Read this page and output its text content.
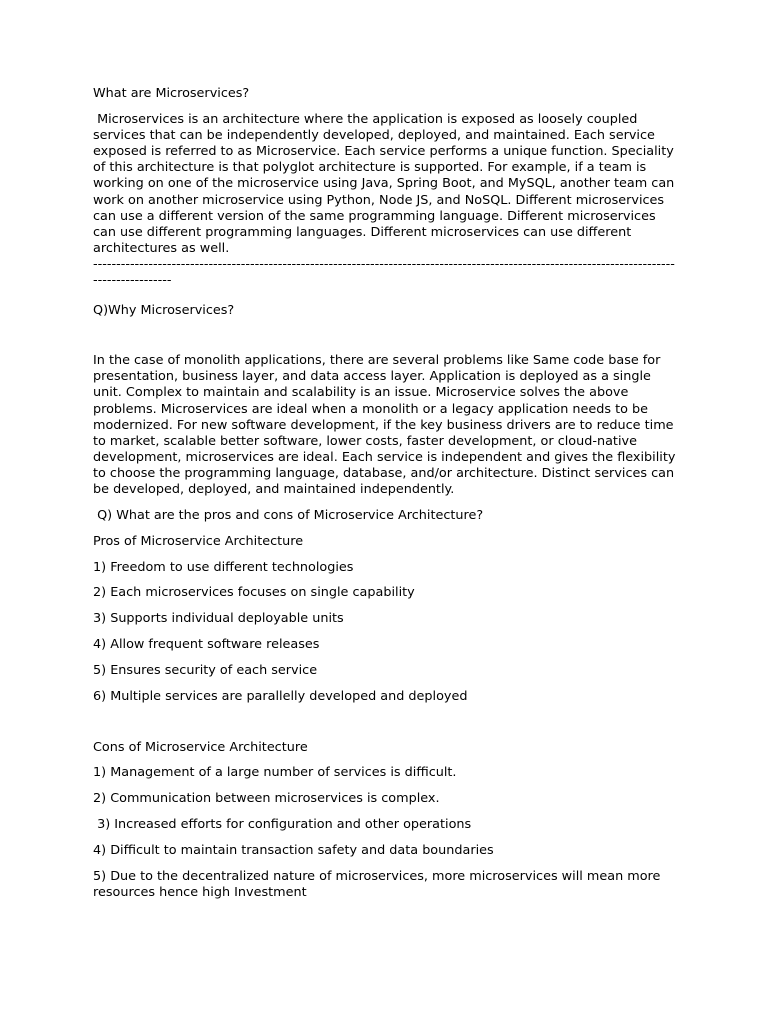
What are Microservices?

Microservices is an architecture where the application is exposed as loosely coupled services that can be independently developed, deployed, and maintained. Each service exposed is referred to as Microservice. Each service performs a unique function. Speciality of this architecture is that polyglot architecture is supported. For example, if a team is working on one of the microservice using Java, Spring Boot, and MySQL, another team can work on another microservice using Python, Node JS, and NoSQL. Different microservices can use a different version of the same programming language. Different microservices can use different programming languages. Different microservices can use different architectures as well.

-----------------------------------------------------------------------------------------------------------------------------------------------

Q)Why Microservices?

In the case of monolith applications, there are several problems like Same code base for presentation, business layer, and data access layer. Application is deployed as a single unit. Complex to maintain and scalability is an issue. Microservice solves the above problems. Microservices are ideal when a monolith or a legacy application needs to be modernized. For new software development, if the key business drivers are to reduce time to market, scalable better software, lower costs, faster development, or cloud-native development, microservices are ideal. Each service is independent and gives the flexibility to choose the programming language, database, and/or architecture. Distinct services can be developed, deployed, and maintained independently.

Q) What are the pros and cons of Microservice Architecture?

Pros of Microservice Architecture

1) Freedom to use different technologies

2) Each microservices focuses on single capability

3) Supports individual deployable units

4) Allow frequent software releases

5) Ensures security of each service

6) Multiple services are parallelly developed and deployed

Cons of Microservice Architecture

1) Management of a large number of services is difficult.

2) Communication between microservices is complex.

3) Increased efforts for configuration and other operations

4) Difficult to maintain transaction safety and data boundaries

5) Due to the decentralized nature of microservices, more microservices will mean more resources hence high Investment
